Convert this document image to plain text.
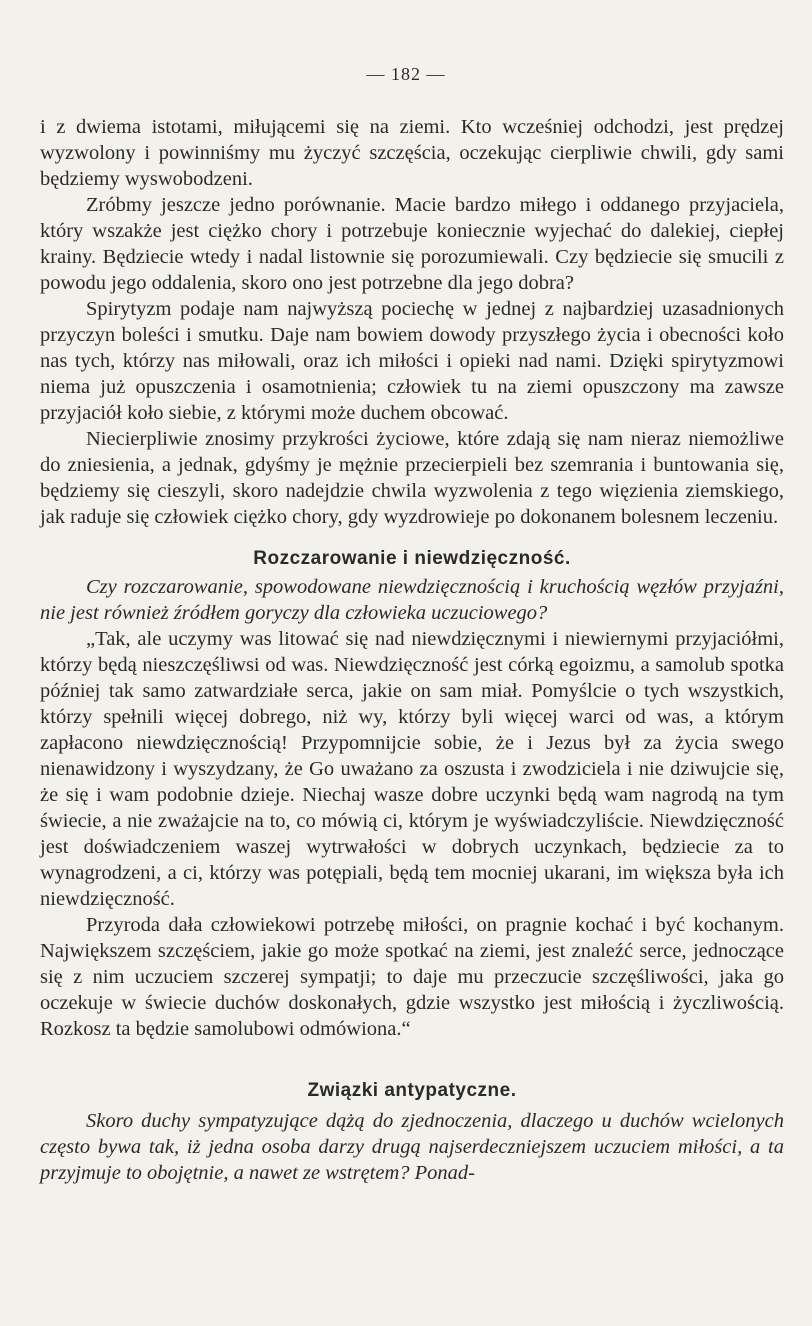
— 182 —

i z dwiema istotami, miłującemi się na ziemi. Kto wcześniej odchodzi, jest prędzej wyzwolony i powinniśmy mu życzyć szczęścia, oczekując cierpliwie chwili, gdy sami będziemy wyswobodzeni.

Zróbmy jeszcze jedno porównanie. Macie bardzo miłego i oddanego przyjaciela, który wszakże jest ciężko chory i potrzebuje koniecznie wyjechać do dalekiej, ciepłej krainy. Będziecie wtedy i nadal listownie się porozumiewali. Czy będziecie się smucili z powodu jego oddalenia, skoro ono jest potrzebne dla jego dobra?

Spirytyzm podaje nam najwyższą pociechę w jednej z najbardziej uzasadnionych przyczyn boleści i smutku. Daje nam bowiem dowody przyszłego życia i obecności koło nas tych, którzy nas miłowali, oraz ich miłości i opieki nad nami. Dzięki spirytyzmowi niema już opuszczenia i osamotnienia; człowiek tu na ziemi opuszczony ma zawsze przyjaciół koło siebie, z którymi może duchem obcować.

Niecierpliwie znosimy przykrości życiowe, które zdają się nam nieraz niemożliwe do zniesienia, a jednak, gdyśmy je mężnie przecierpieli bez szemrania i buntowania się, będziemy się cieszyli, skoro nadejdzie chwila wyzwolenia z tego więzienia ziemskiego, jak raduje się człowiek ciężko chory, gdy wyzdrowieje po dokonanem bolesnem leczeniu.

Rozczarowanie i niewdzięczność.

Czy rozczarowanie, spowodowane niewdzięcznością i kruchością węzłów przyjaźni, nie jest również źródłem goryczy dla człowieka uczuciowego?

„Tak, ale uczymy was litować się nad niewdzięcznymi i niewiernymi przyjaciółmi, którzy będą nieszczęśliwsi od was. Niewdzięczność jest córką egoizmu, a samolub spotka później tak samo zatwardziałe serca, jakie on sam miał. Pomyślcie o tych wszystkich, którzy spełnili więcej dobrego, niż wy, którzy byli więcej warci od was, a którym zapłacono niewdzięcznością! Przypomnijcie sobie, że i Jezus był za życia swego nienawidzony i wyszydzany, że Go uważano za oszusta i zwodziciela i nie dziwujcie się, że się i wam podobnie dzieje. Niechaj wasze dobre uczynki będą wam nagrodą na tym świecie, a nie zważajcie na to, co mówią ci, którym je wyświadczyliście. Niewdzięczność jest doświadczeniem waszej wytrwałości w dobrych uczynkach, będziecie za to wynagrodzeni, a ci, którzy was potępiali, będą tem mocniej ukarani, im większa była ich niewdzięczność.

Przyroda dała człowiekowi potrzebę miłości, on pragnie kochać i być kochanym. Największem szczęściem, jakie go może spotkać na ziemi, jest znaleźć serce, jednoczące się z nim uczuciem szczerej sympatji; to daje mu przeczucie szczęśliwości, jaka go oczekuje w świecie duchów doskonałych, gdzie wszystko jest miłością i życzliwością. Rozkosz ta będzie samolubowi odmówiona.“

Związki antypatyczne.

Skoro duchy sympatyzujące dążą do zjednoczenia, dlaczego u duchów wcielonych często bywa tak, iż jedna osoba darzy drugą najserdeczniejszem uczuciem miłości, a ta przyjmuje to obojętnie, a nawet ze wstrętem? Ponad-
